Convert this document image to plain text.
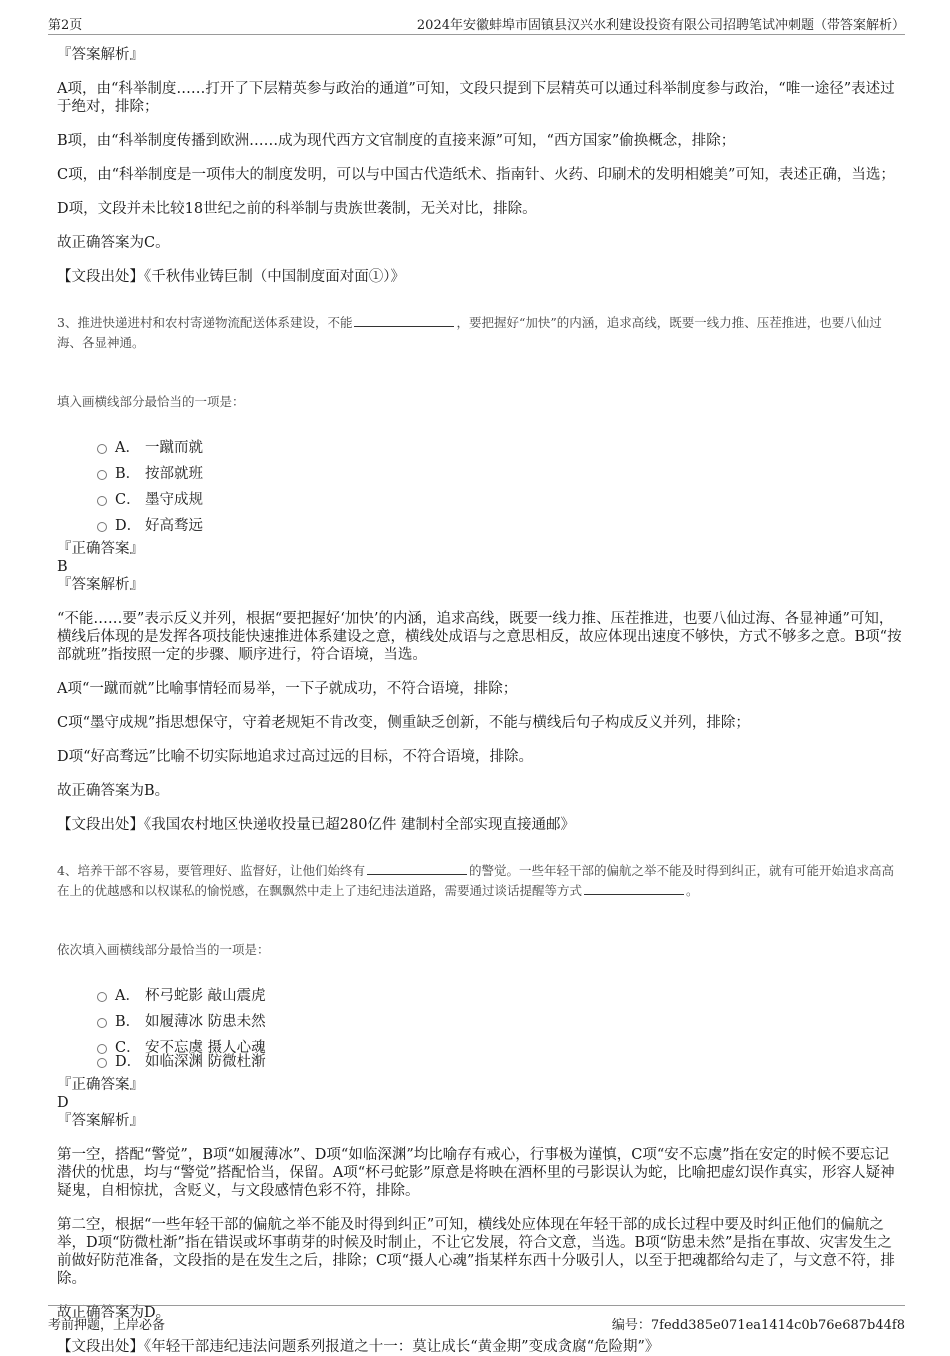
第2页	2024年安徽蚌埠市固镇县汉兴水利建设投资有限公司招聘笔试冲刺题（带答案解析）
『答案解析』

A项，由“科举制度……打开了下层精英参与政治的通道”可知，文段只提到下层精英可以通过科举制度参与政治，“唯一途径”表述过于绝对，排除；

B项，由“科举制度传播到欧洲……成为现代西方文官制度的直接来源”可知，“西方国家”偷换概念，排除；

C项，由“科举制度是一项伟大的制度发明，可以与中国古代造纸术、指南针、火药、印刷术的发明相媲美”可知，表述正确，当选；

D项，文段并未比较18世纪之前的科举制与贵族世袭制，无关对比，排除。

故正确答案为C。

【文段出处】《千秋伟业铸巨制（中国制度面对面①）》

3、推进快递进村和农村寄递物流配送体系建设，不能	，要把握好“加快”的内涵，追求高线，既要一线力推、压茬推进，也要八仙过海、各显神通。

填入画横线部分最恰当的一项是：

A． 一蹴而就
B． 按部就班
C． 墨守成规
D． 好高骛远
『正确答案』
B
『答案解析』

“不能……要”表示反义并列，根据“要把握好‘加快’的内涵，追求高线，既要一线力推、压茬推进，也要八仙过海、各显神通”可知，横线后体现的是发挥各项技能快速推进体系建设之意，横线处成语与之意思相反，故应体现出速度不够快，方式不够多之意。B项“按部就班”指按照一定的步骤、顺序进行，符合语境，当选。

A项“一蹴而就”比喻事情轻而易举，一下子就成功，不符合语境，排除；

C项“墨守成规”指思想保守，守着老规矩不肯改变，侧重缺乏创新，不能与横线后句子构成反义并列，排除；

D项“好高骛远”比喻不切实际地追求过高过远的目标，不符合语境，排除。

故正确答案为B。

【文段出处】《我国农村地区快递收投量已超280亿件 建制村全部实现直接通邮》

4、培养干部不容易，要管理好、监督好，让他们始终有	的警觉。一些年轻干部的偏航之举不能及时得到纠正，就有可能开始追求高高在上的优越感和以权谋私的愉悦感，在飘飘然中走上了违纪违法道路，需要通过谈话提醒等方式	。

依次填入画横线部分最恰当的一项是：

A． 杯弓蛇影 敲山震虎
B． 如履薄冰 防患未然
C． 安不忘虞 摄人心魂
D． 如临深渊 防微杜渐
『正确答案』
D
『答案解析』

第一空，搭配“警觉”，B项“如履薄冰”、D项“如临深渊”均比喻存有戒心，行事极为谨慎，C项“安不忘虞”指在安定的时候不要忘记潜伏的忧患，均与“警觉”搭配恰当，保留。A项“杯弓蛇影”原意是将映在酒杯里的弓影误认为蛇，比喻把虚幻误作真实，形容人疑神疑鬼，自相惊扰，含贬义，与文段感情色彩不符，排除。

第二空，根据“一些年轻干部的偏航之举不能及时得到纠正”可知，横线处应体现在年轻干部的成长过程中要及时纠正他们的偏航之举，D项“防微杜渐”指在错误或坏事萌芽的时候及时制止，不让它发展，符合文意，当选。B项“防患未然”是指在事故、灾害发生之前做好防范准备，文段指的是在发生之后，排除；C项“摄人心魂”指某样东西十分吸引人，以至于把魂都给勾走了，与文意不符，排除。

故正确答案为D。

【文段出处】《年轻干部违纪违法问题系列报道之十一：莫让成长“黄金期”变成贪腐“危险期”》

考前押题，上岸必备	编号：7fedd385e071ea1414c0b76e687b44f8
